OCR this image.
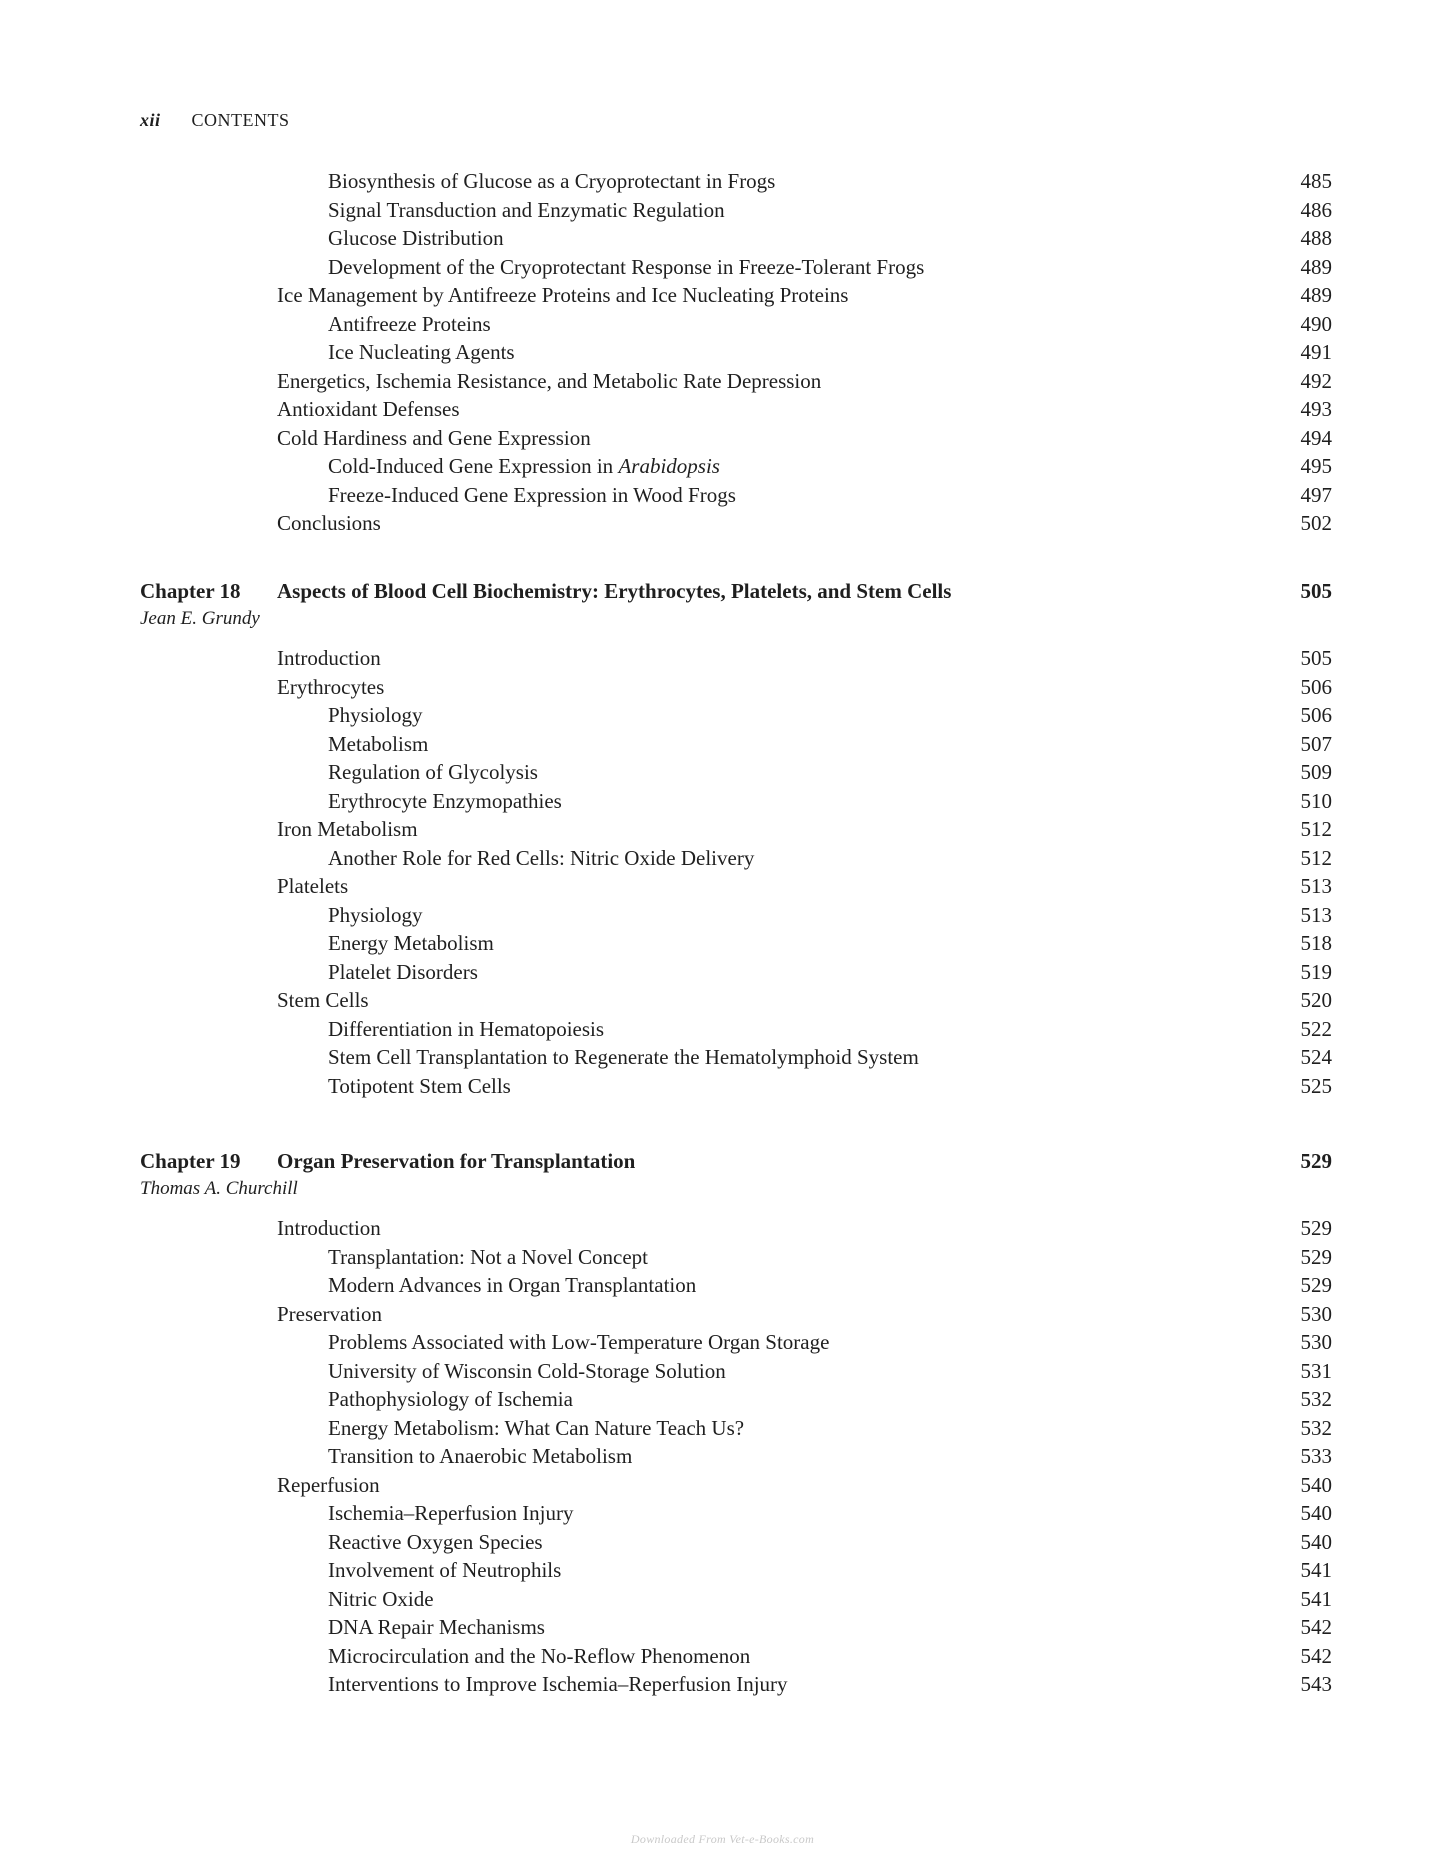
xii CONTENTS
Biosynthesis of Glucose as a Cryoprotectant in Frogs	485
Signal Transduction and Enzymatic Regulation	486
Glucose Distribution	488
Development of the Cryoprotectant Response in Freeze-Tolerant Frogs	489
Ice Management by Antifreeze Proteins and Ice Nucleating Proteins	489
Antifreeze Proteins	490
Ice Nucleating Agents	491
Energetics, Ischemia Resistance, and Metabolic Rate Depression	492
Antioxidant Defenses	493
Cold Hardiness and Gene Expression	494
Cold-Induced Gene Expression in Arabidopsis	495
Freeze-Induced Gene Expression in Wood Frogs	497
Conclusions	502
Chapter 18 Aspects of Blood Cell Biochemistry: Erythrocytes, Platelets, and Stem Cells	505
Jean E. Grundy
Introduction	505
Erythrocytes	506
Physiology	506
Metabolism	507
Regulation of Glycolysis	509
Erythrocyte Enzymopathies	510
Iron Metabolism	512
Another Role for Red Cells: Nitric Oxide Delivery	512
Platelets	513
Physiology	513
Energy Metabolism	518
Platelet Disorders	519
Stem Cells	520
Differentiation in Hematopoiesis	522
Stem Cell Transplantation to Regenerate the Hematolymphoid System	524
Totipotent Stem Cells	525
Chapter 19 Organ Preservation for Transplantation	529
Thomas A. Churchill
Introduction	529
Transplantation: Not a Novel Concept	529
Modern Advances in Organ Transplantation	529
Preservation	530
Problems Associated with Low-Temperature Organ Storage	530
University of Wisconsin Cold-Storage Solution	531
Pathophysiology of Ischemia	532
Energy Metabolism: What Can Nature Teach Us?	532
Transition to Anaerobic Metabolism	533
Reperfusion	540
Ischemia–Reperfusion Injury	540
Reactive Oxygen Species	540
Involvement of Neutrophils	541
Nitric Oxide	541
DNA Repair Mechanisms	542
Microcirculation and the No-Reflow Phenomenon	542
Interventions to Improve Ischemia–Reperfusion Injury	543
Downloaded From Vet-e-Books.com
